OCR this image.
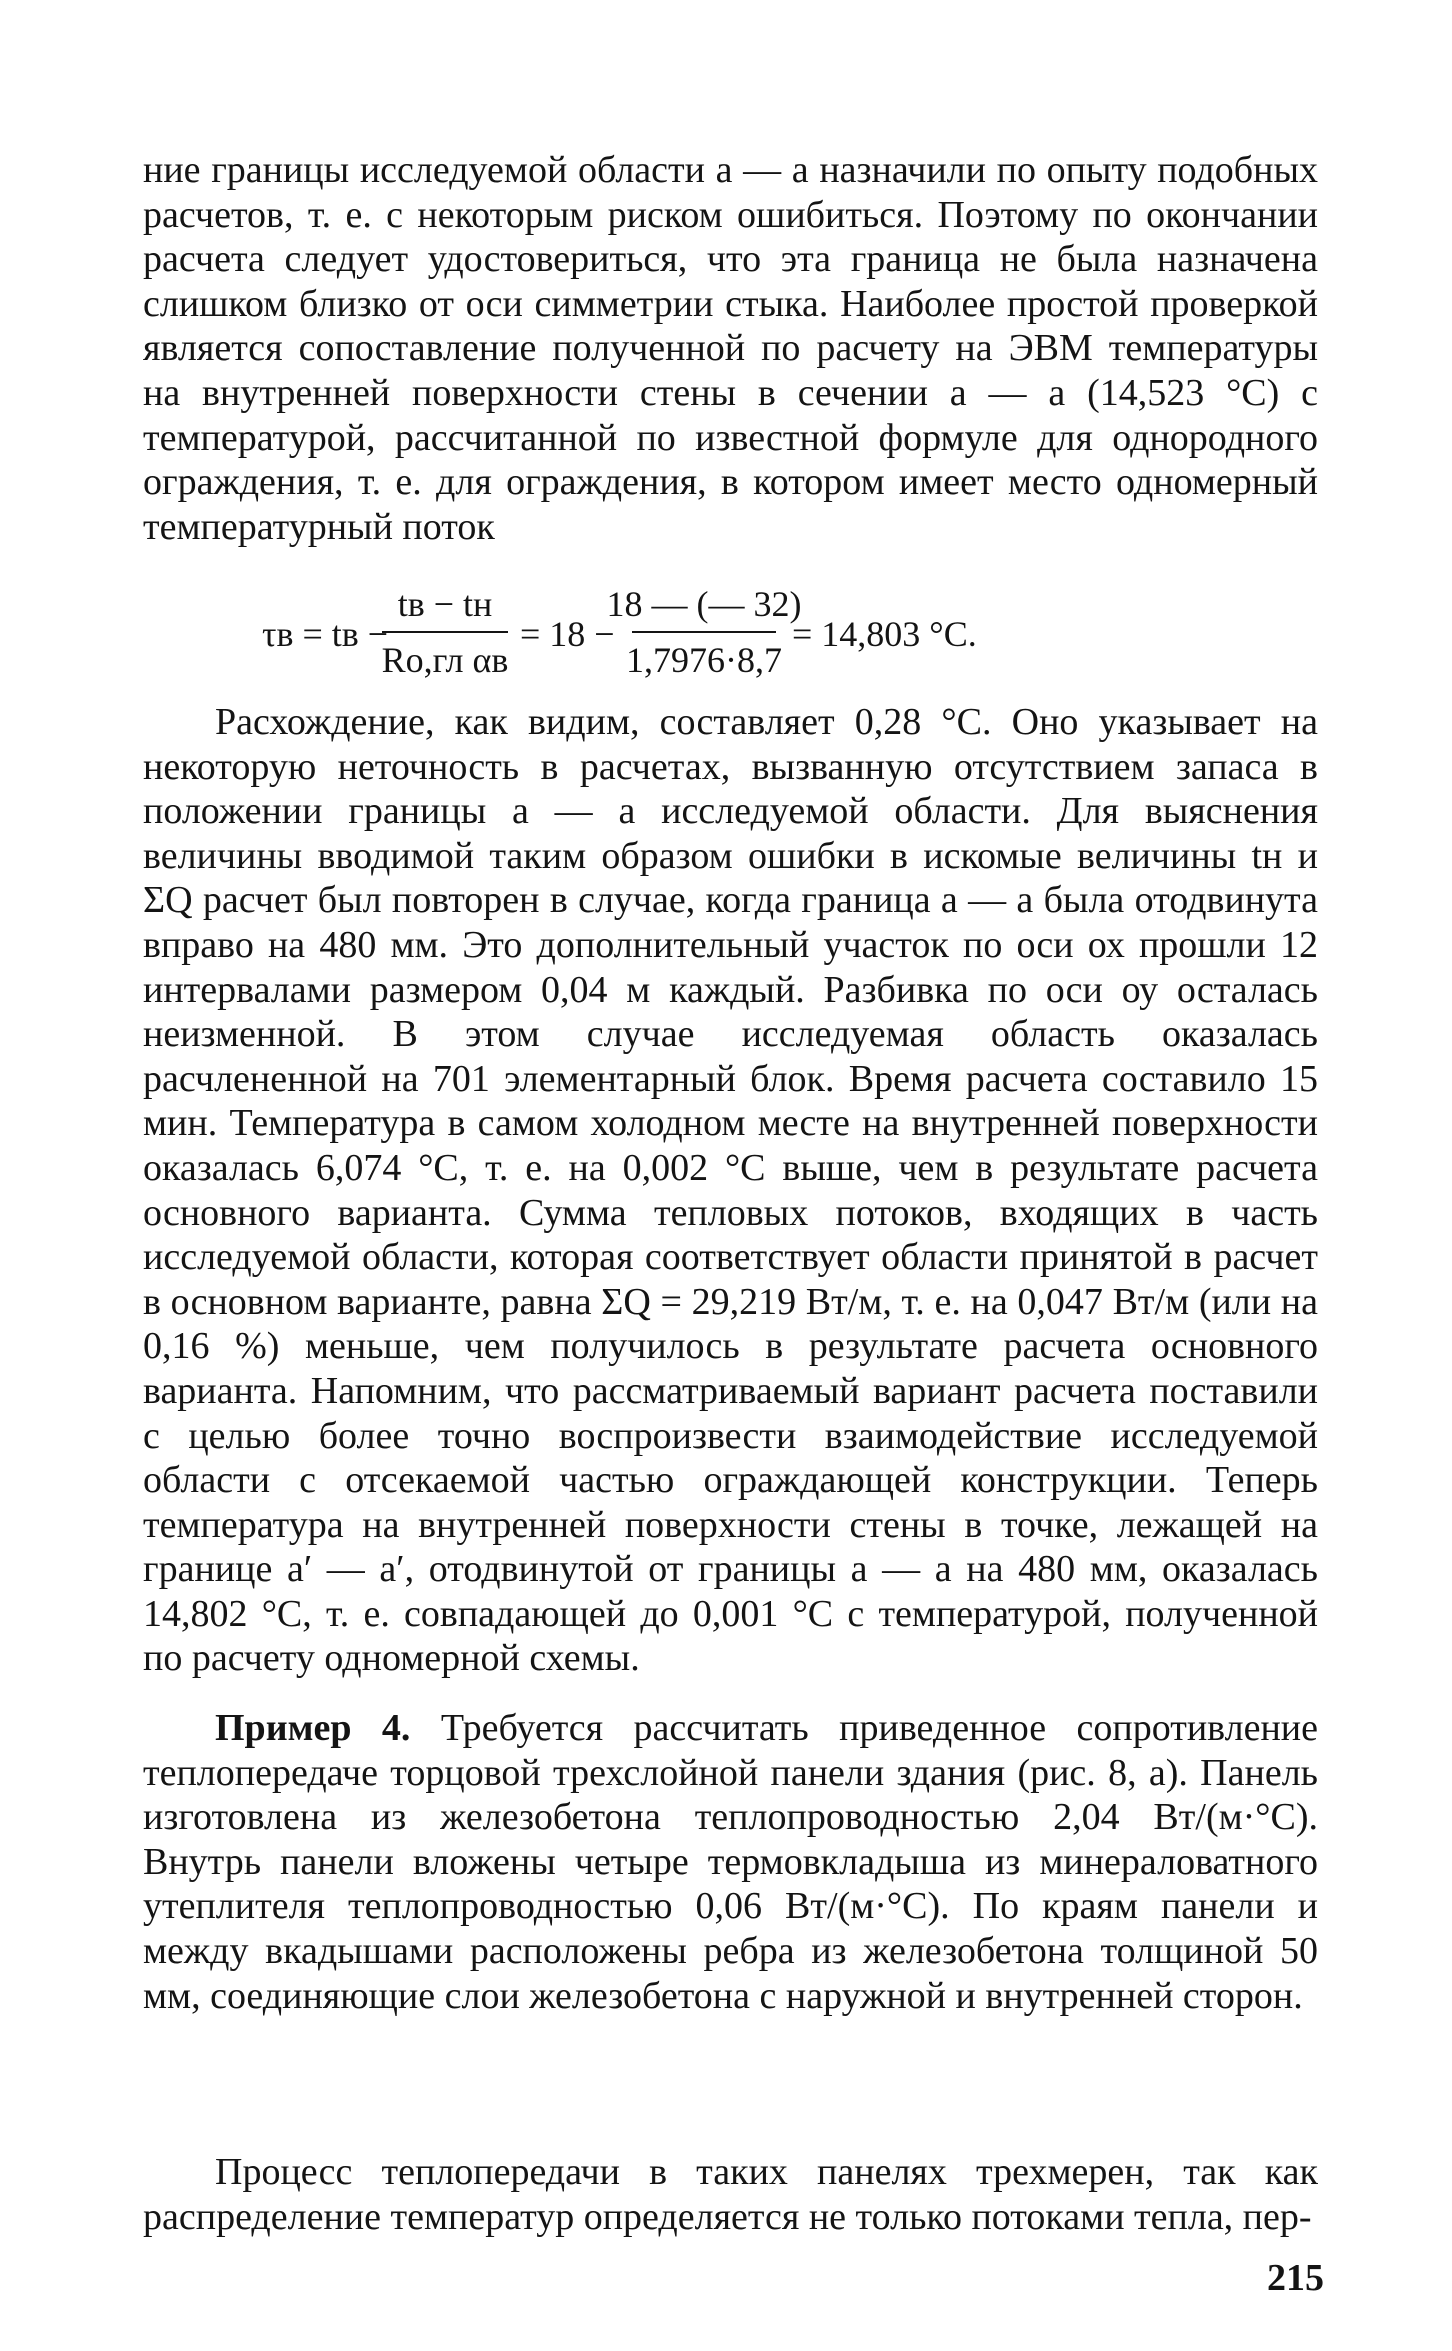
ние границы исследуемой области а — а назначили по опыту подобных расчетов, т. е. с некоторым риском ошибиться. Поэтому по окончании расчета следует удостовериться, что эта граница не была назначена слишком близко от оси симметрии стыка. Наиболее простой проверкой является сопоставление полученной по расчету на ЭВМ температуры на внутренней поверхности стены в сечении а — а (14,523 °С) с температурой, рассчитанной по известной формуле для однородного ограждения, т. е. для ограждения, в котором имеет место одномерный температурный поток

τв = tв −
tв − tн
Rо,гл αв
= 18 −
18 — (— 32)
1,7976·8,7
= 14,803 °С.

Расхождение, как видим, составляет 0,28 °С. Оно указывает на некоторую неточность в расчетах, вызванную отсутствием запаса в положении границы а — а исследуемой области. Для выяснения величины вводимой таким образом ошибки в искомые величины tн и ΣQ расчет был повторен в случае, когда граница а — а была отодвинута вправо на 480 мм. Это дополнительный участок по оси ох прошли 12 интервалами размером 0,04 м каждый. Разбивка по оси оу осталась неизменной. В этом случае исследуемая область оказалась расчлененной на 701 элементарный блок. Время расчета составило 15 мин. Температура в самом холодном месте на внутренней поверхности оказалась 6,074 °С, т. е. на 0,002 °С выше, чем в результате расчета основного варианта. Сумма тепловых потоков, входящих в часть исследуемой области, которая соответствует области принятой в расчет в основном варианте, равна ΣQ = 29,219 Вт/м, т. е. на 0,047 Вт/м (или на 0,16 %) меньше, чем получилось в результате расчета основного варианта. Напомним, что рассматриваемый вариант расчета поставили с целью более точно воспроизвести взаимодействие исследуемой области с отсекаемой частью ограждающей конструкции. Теперь температура на внутренней поверхности стены в точке, лежащей на границе а′ — а′, отодвинутой от границы а — а на 480 мм, оказалась 14,802 °С, т. е. совпадающей до 0,001 °С с температурой, полученной по расчету одномерной схемы.

Пример 4. Требуется рассчитать приведенное сопротивление теплопередаче торцовой трехслойной панели здания (рис. 8, а). Панель изготовлена из железобетона теплопроводностью 2,04 Вт/(м·°С). Внутрь панели вложены четыре термовкладыша из минераловатного утеплителя теплопроводностью 0,06 Вт/(м·°С). По краям панели и между вкадышами расположены ребра из железобетона толщиной 50 мм, соединяющие слои железобетона с наружной и внутренней сторон.

Процесс теплопередачи в таких панелях трехмерен, так как распределение температур определяется не только потоками тепла, пер-

215
